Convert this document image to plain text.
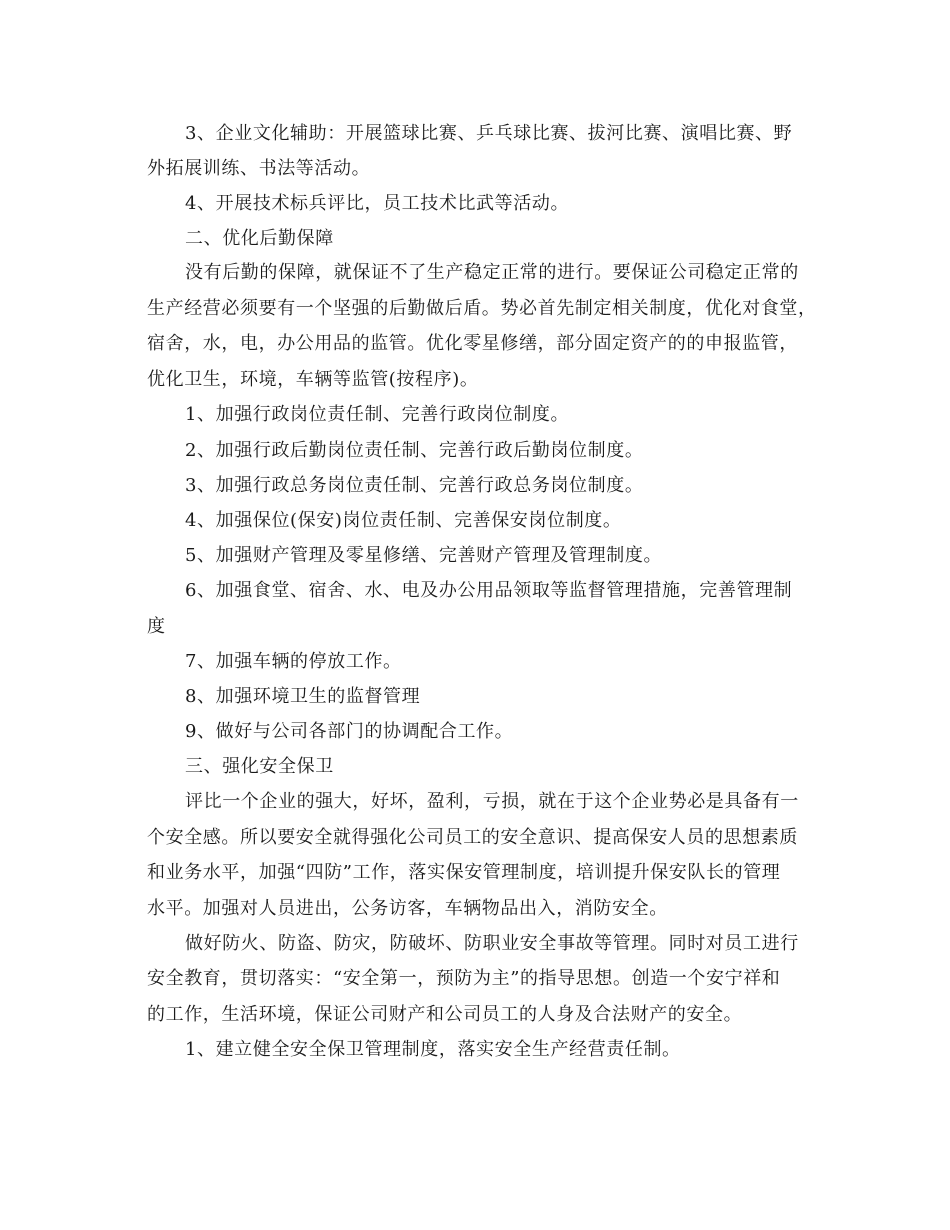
3、企业文化辅助：开展篮球比赛、乒乓球比赛、拔河比赛、演唱比赛、野
外拓展训练、书法等活动。
4、开展技术标兵评比，员工技术比武等活动。
二、优化后勤保障
没有后勤的保障，就保证不了生产稳定正常的进行。要保证公司稳定正常的
生产经营必须要有一个坚强的后勤做后盾。势必首先制定相关制度，优化对食堂，
宿舍，水，电，办公用品的监管。优化零星修缮，部分固定资产的的申报监管，
优化卫生，环境，车辆等监管(按程序)。
1、加强行政岗位责任制、完善行政岗位制度。
2、加强行政后勤岗位责任制、完善行政后勤岗位制度。
3、加强行政总务岗位责任制、完善行政总务岗位制度。
4、加强保位(保安)岗位责任制、完善保安岗位制度。
5、加强财产管理及零星修缮、完善财产管理及管理制度。
6、加强食堂、宿舍、水、电及办公用品领取等监督管理措施，完善管理制
度
7、加强车辆的停放工作。
8、加强环境卫生的监督管理
9、做好与公司各部门的协调配合工作。
三、强化安全保卫
评比一个企业的强大，好坏，盈利，亏损，就在于这个企业势必是具备有一
个安全感。所以要安全就得强化公司员工的安全意识、提高保安人员的思想素质
和业务水平，加强“四防”工作，落实保安管理制度，培训提升保安队长的管理
水平。加强对人员进出，公务访客，车辆物品出入，消防安全。
做好防火、防盗、防灾，防破坏、防职业安全事故等管理。同时对员工进行
安全教育，贯切落实：“安全第一，预防为主”的指导思想。创造一个安宁祥和
的工作，生活环境，保证公司财产和公司员工的人身及合法财产的安全。
1、建立健全安全保卫管理制度，落实安全生产经营责任制。
